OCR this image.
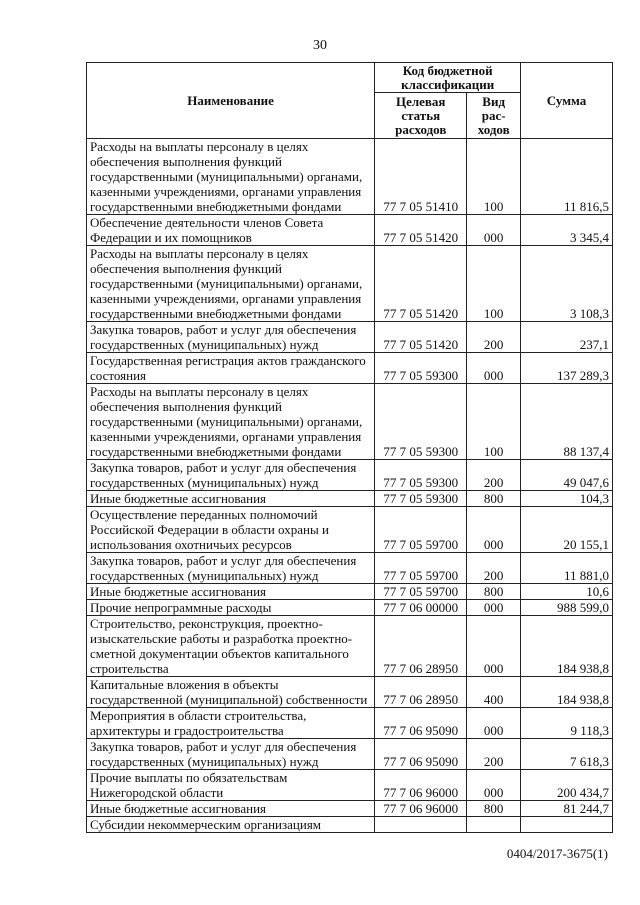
30
Наименование	Код бюджетной классификации		Сумма
	Целевая статья расходов	Вид рас-ходов	

Расходы на выплаты персоналу в целях
обеспечения выполнения функций
государственными (муниципальными) органами,
казенными учреждениями, органами управления
государственными внебюджетными фондами	77 7 05 51410	100	11 816,5

Обеспечение деятельности членов Совета
Федерации и их помощников	77 7 05 51420	000	3 345,4

Расходы на выплаты персоналу в целях
обеспечения выполнения функций
государственными (муниципальными) органами,
казенными учреждениями, органами управления
государственными внебюджетными фондами	77 7 05 51420	100	3 108,3

Закупка товаров, работ и услуг для обеспечения
государственных (муниципальных) нужд	77 7 05 51420	200	237,1

Государственная регистрация актов гражданского
состояния	77 7 05 59300	000	137 289,3

Расходы на выплаты персоналу в целях
обеспечения выполнения функций
государственными (муниципальными) органами,
казенными учреждениями, органами управления
государственными внебюджетными фондами	77 7 05 59300	100	88 137,4

Закупка товаров, работ и услуг для обеспечения
государственных (муниципальных) нужд	77 7 05 59300	200	49 047,6

Иные бюджетные ассигнования	77 7 05 59300	800	104,3

Осуществление переданных полномочий
Российской Федерации в области охраны и
использования охотничьих ресурсов	77 7 05 59700	000	20 155,1

Закупка товаров, работ и услуг для обеспечения
государственных (муниципальных) нужд	77 7 05 59700	200	11 881,0

Иные бюджетные ассигнования	77 7 05 59700	800	10,6

Прочие непрограммные расходы	77 7 06 00000	000	988 599,0

Строительство, реконструкция, проектно-
изыскательские работы и разработка проектно-
сметной документации объектов капитального
строительства	77 7 06 28950	000	184 938,8

Капитальные вложения в объекты
государственной (муниципальной) собственности	77 7 06 28950	400	184 938,8

Мероприятия в области строительства,
архитектуры и градостроительства	77 7 06 95090	000	9 118,3

Закупка товаров, работ и услуг для обеспечения
государственных (муниципальных) нужд	77 7 06 95090	200	7 618,3

Прочие выплаты по обязательствам
Нижегородской области	77 7 06 96000	000	200 434,7

Иные бюджетные ассигнования	77 7 06 96000	800	81 244,7

Субсидии некоммерческим организациям			

0404/2017-3675(1)
